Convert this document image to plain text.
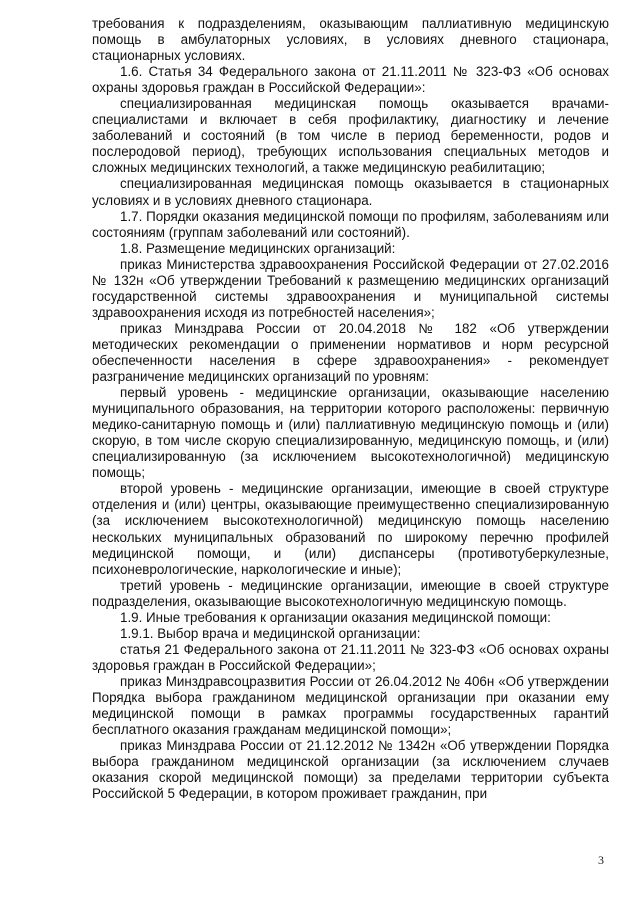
требования к подразделениям, оказывающим паллиативную медицинскую помощь в амбулаторных условиях, в условиях дневного стационара, стационарных условиях.

1.6. Статья 34 Федерального закона от 21.11.2011 № 323-ФЗ «Об основах охраны здоровья граждан в Российской Федерации»:

специализированная медицинская помощь оказывается врачами-специалистами и включает в себя профилактику, диагностику и лечение заболеваний и состояний (в том числе в период беременности, родов и послеродовой период), требующих использования специальных методов и сложных медицинских технологий, а также медицинскую реабилитацию;

специализированная медицинская помощь оказывается в стационарных условиях и в условиях дневного стационара.

1.7. Порядки оказания медицинской помощи по профилям, заболеваниям или состояниям (группам заболеваний или состояний).

1.8. Размещение медицинских организаций:

приказ Министерства здравоохранения Российской Федерации от 27.02.2016 № 132н «Об утверждении Требований к размещению медицинских организаций государственной системы здравоохранения и муниципальной системы здравоохранения исходя из потребностей населения»;

приказ Минздрава России от 20.04.2018 № 182 «Об утверждении методических рекомендации о применении нормативов и норм ресурсной обеспеченности населения в сфере здравоохранения» - рекомендует разграничение медицинских организаций по уровням:

первый уровень - медицинские организации, оказывающие населению муниципального образования, на территории которого расположены: первичную медико-санитарную помощь и (или) паллиативную медицинскую помощь и (или) скорую, в том числе скорую специализированную, медицинскую помощь, и (или) специализированную (за исключением высокотехнологичной) медицинскую помощь;

второй уровень - медицинские организации, имеющие в своей структуре отделения и (или) центры, оказывающие преимущественно специализированную (за исключением высокотехнологичной) медицинскую помощь населению нескольких муниципальных образований по широкому перечню профилей медицинской помощи, и (или) диспансеры (противотуберкулезные, психоневрологические, наркологические и иные);

третий уровень - медицинские организации, имеющие в своей структуре подразделения, оказывающие высокотехнологичную медицинскую помощь.

1.9. Иные требования к организации оказания медицинской помощи:

1.9.1. Выбор врача и медицинской организации:

статья 21 Федерального закона от 21.11.2011 № 323-ФЗ «Об основах охраны здоровья граждан в Российской Федерации»;

приказ Минздравсоцразвития России от 26.04.2012 № 406н «Об утверждении Порядка выбора гражданином медицинской организации при оказании ему медицинской помощи в рамках программы государственных гарантий бесплатного оказания гражданам медицинской помощи»;

приказ Минздрава России от 21.12.2012 № 1342н «Об утверждении Порядка выбора гражданином медицинской организации (за исключением случаев оказания скорой медицинской помощи) за пределами территории субъекта Российской 5 Федерации, в котором проживает гражданин, при

3
